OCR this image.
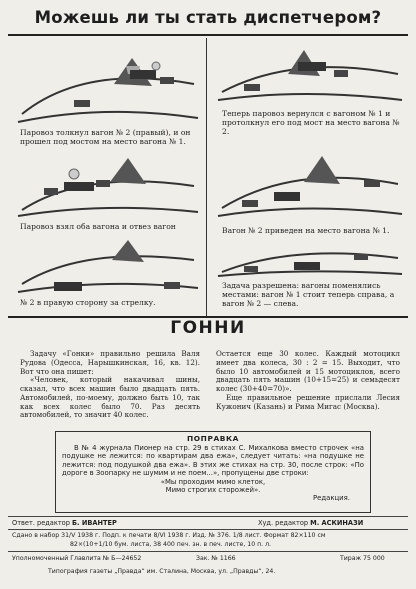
Можешь ли ты стать диспетчером?
Паровоз толкнул вагон № 2 (правый), и он прошел под мостом на место вагона № 1.
Теперь паровоз вернулся с вагоном № 1 и протолкнул его под мост на место вагона № 2.
Паровоз взял оба вагона и отвез вагон	Вагон № 2 приведен на место вагона № 1.
№ 2 в правую сторону за стрелку.
Задача разрешена: вагоны поменялись местами: вагон № 1 стоит теперь справа, а вагон № 2 — слева.
ГОННИ

Задачу «Гонки» правильно решила Валя Рудова (Одесса, Нарышкинская, 16, кв. 12). Вот что она пишет:

«Человек, который накачивал шины, сказал, что всех машин было двадцать пять. Автомобилей, по-моему, должно быть 10, так как всех колес было 70. Раз десять автомобилей, то значит 40 колес.

Остается еще 30 колес. Каждый мотоцикл имеет два колеса, 30 : 2 = 15. Выходит, что было 10 автомобилей и 15 мотоциклов, всего двадцать пять машин (10+15=25) и семьдесят колес (30+40=70)».

Еще правильное решение прислали Лесия Кужонич (Казань) и Рима Мигас (Москва).

ПОПРАВКА

В № 4 журнала Пионер на стр. 29 в стихах С. Михалкова вместо строчек «на подушке не лежится: по квартирам два ежа», следует читать: «на подушке не лежится: под подушкой два ежа». В этих же стихах на стр. 30, после строк: «По дороге в Зоопарку не шумим и не поем...», пропущены две строки:

«Мы проходим мимо клеток,
Мимо строгих сторожей».
Редакция.
Ответ. редактор Б. ИВАНТЕР	Худ. редактор М. АСКИНАЗИ
Сдано в набор 31/V 1938 г. Подп. к печати 8/VI 1938 г. Изд. № 376. 1/8 лист. Формат 82×110 см
82×(10+1/10 бум. листа, 38 400 печ. зн. в печ. листе, 10 п. л.
Уполномоченный Главлита № Б—24652	Зак. № 1166	Тираж 75 000
Типография газеты „Правда“ им. Сталина, Москва, ул. „Правды“, 24.
